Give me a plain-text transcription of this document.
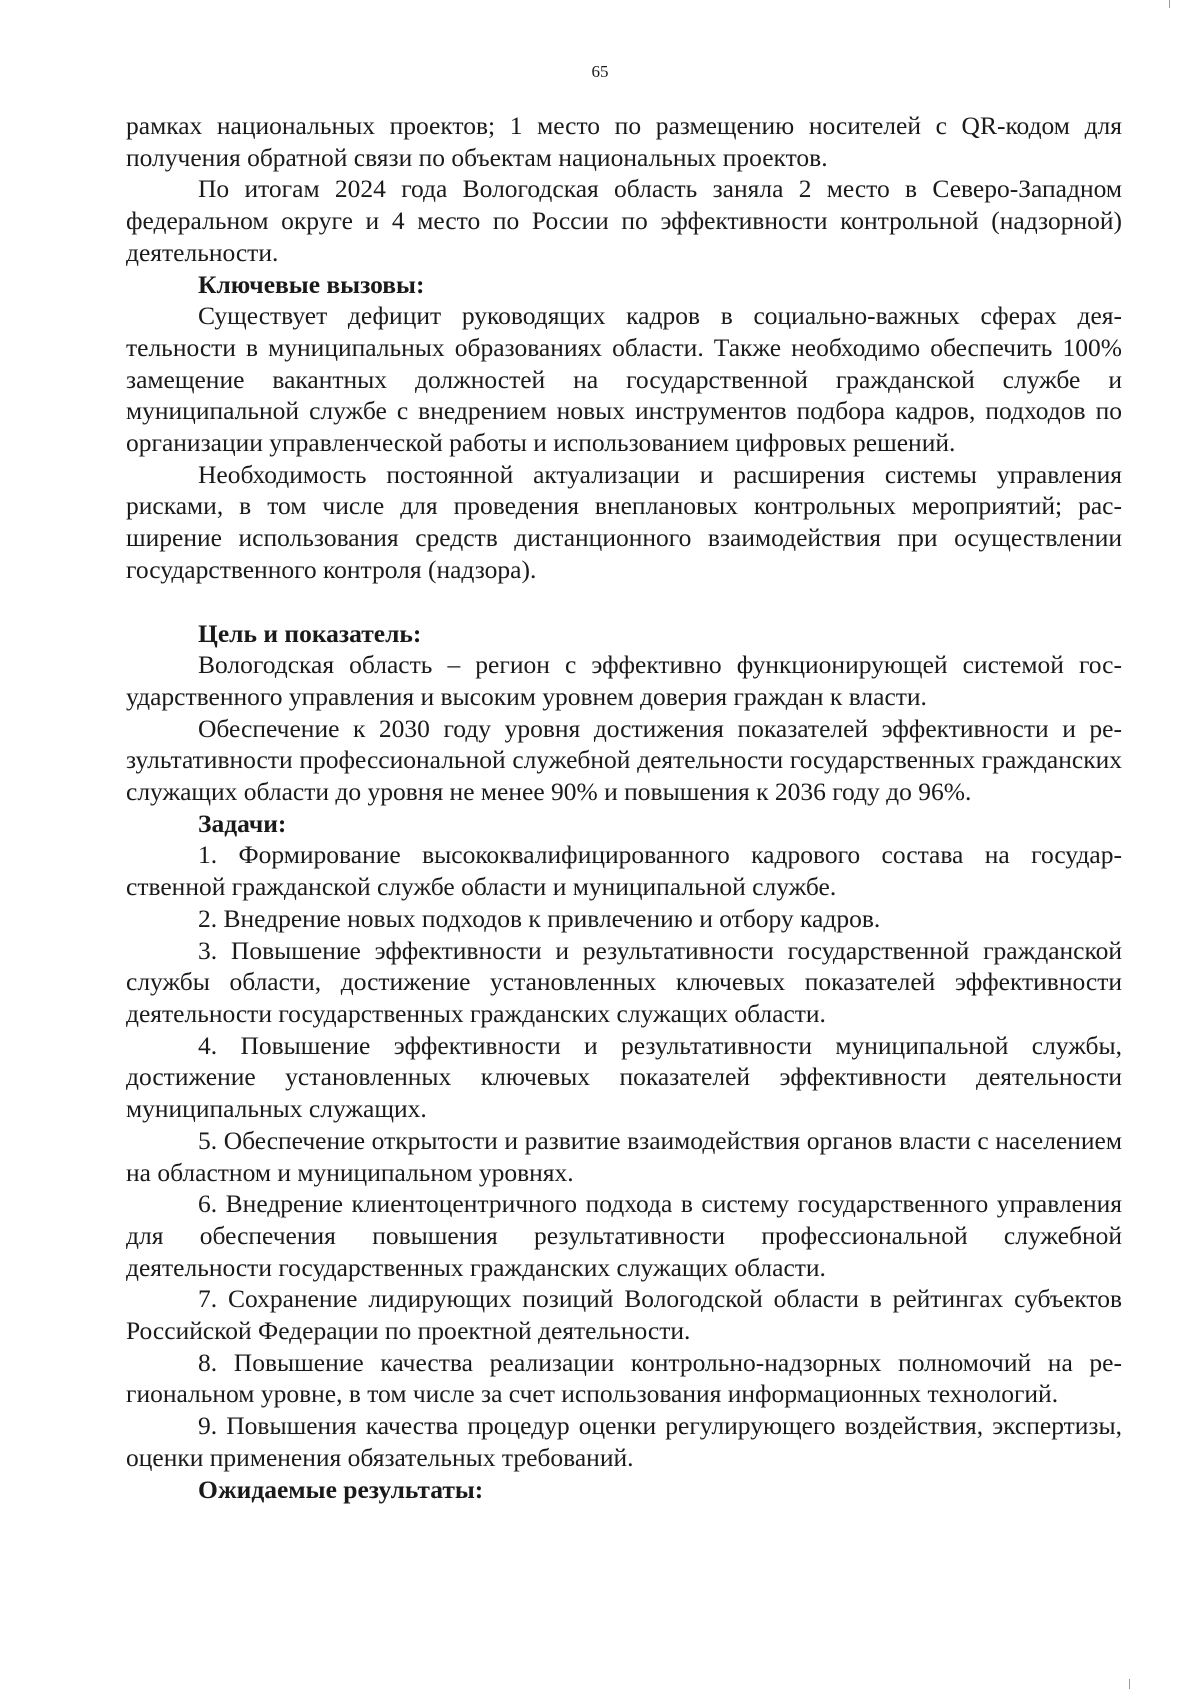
65

рамках национальных проектов; 1 место по размещению носителей с QR-кодом для получения обратной связи по объектам национальных проектов.

По итогам 2024 года Вологодская область заняла 2 место в Северо-Западном федеральном округе и 4 место по России по эффективности контрольной (надзорной) деятельности.

Ключевые вызовы:

Существует дефицит руководящих кадров в социально-важных сферах деятельности в муниципальных образованиях области. Также необходимо обеспечить 100% замещение вакантных должностей на государственной гражданской службе и муниципальной службе с внедрением новых инструментов подбора кадров, подходов по организации управленческой работы и использованием цифровых решений.

Необходимость постоянной актуализации и расширения системы управления рисками, в том числе для проведения внеплановых контрольных мероприятий; расширение использования средств дистанционного взаимодействия при осуществлении государственного контроля (надзора).

Цель и показатель:

Вологодская область – регион с эффективно функционирующей системой государственного управления и высоким уровнем доверия граждан к власти.

Обеспечение к 2030 году уровня достижения показателей эффективности и результативности профессиональной служебной деятельности государственных гражданских служащих области до уровня не менее 90% и повышения к 2036 году до 96%.

Задачи:

1. Формирование высококвалифицированного кадрового состава на государственной гражданской службе области и муниципальной службе.

2. Внедрение новых подходов к привлечению и отбору кадров.

3. Повышение эффективности и результативности государственной гражданской службы области, достижение установленных ключевых показателей эффективности деятельности государственных гражданских служащих области.

4. Повышение эффективности и результативности муниципальной службы, достижение установленных ключевых показателей эффективности деятельности муниципальных служащих.

5. Обеспечение открытости и развитие взаимодействия органов власти с населением на областном и муниципальном уровнях.

6. Внедрение клиентоцентричного подхода в систему государственного управления для обеспечения повышения результативности профессиональной служебной деятельности государственных гражданских служащих области.

7. Сохранение лидирующих позиций Вологодской области в рейтингах субъектов Российской Федерации по проектной деятельности.

8. Повышение качества реализации контрольно-надзорных полномочий на региональном уровне, в том числе за счет использования информационных технологий.

9. Повышения качества процедур оценки регулирующего воздействия, экспертизы, оценки применения обязательных требований.

Ожидаемые результаты:
